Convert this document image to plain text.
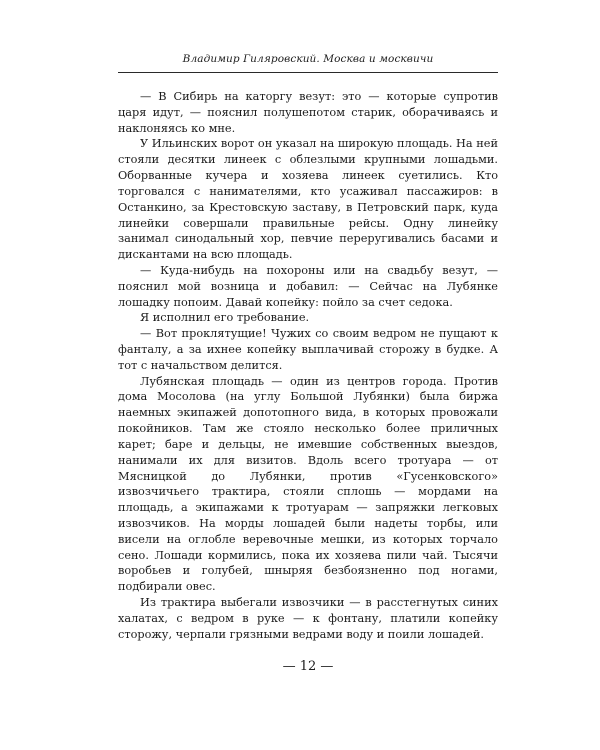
Владимир Гиляровский. Москва и москвичи

— В Сибирь на каторгу везут: это — которые супротив царя идут, — пояснил полушепотом старик, оборачиваясь и наклоняясь ко мне.

У Ильинских ворот он указал на широкую площадь. На ней стояли десятки линеек с облезлыми крупными лошадьми. Оборванные кучера и хозяева линеек суетились. Кто торговался с нанимателями, кто усаживал пассажиров: в Останкино, за Крестовскую заставу, в Петровский парк, куда линейки совершали правильные рейсы. Одну линейку занимал синодальный хор, певчие переругивались басами и дискантами на всю площадь.

— Куда-нибудь на похороны или на свадьбу везут, — пояснил мой возница и добавил: — Сейчас на Лубянке лошадку попоим. Давай копейку: пойло за счет седока.

Я исполнил его требование.

— Вот проклятущие! Чужих со своим ведром не пущают к фанталу, а за ихнее копейку выплачивай сторожу в будке. А тот с начальством делится.

Лубянская площадь — один из центров города. Против дома Мосолова (на углу Большой Лубянки) была биржа наемных экипажей допотопного вида, в которых провожали покойников. Там же стояло несколько более приличных карет; баре и дельцы, не имевшие собственных выездов, нанимали их для визитов. Вдоль всего тротуара — от Мясницкой до Лубянки, против «Гусенковского» извозчичьего трактира, стояли сплошь — мордами на площадь, а экипажами к тротуарам — запряжки легковых извозчиков. На морды лошадей были надеты торбы, или висели на оглобле веревочные мешки, из которых торчало сено. Лошади кормились, пока их хозяева пили чай. Тысячи воробьев и голубей, шныряя безбоязненно под ногами, подбирали овес.

Из трактира выбегали извозчики — в расстегнутых синих халатах, с ведром в руке — к фонтану, платили копейку сторожу, черпали грязными ведрами воду и поили лошадей.

— 12 —
